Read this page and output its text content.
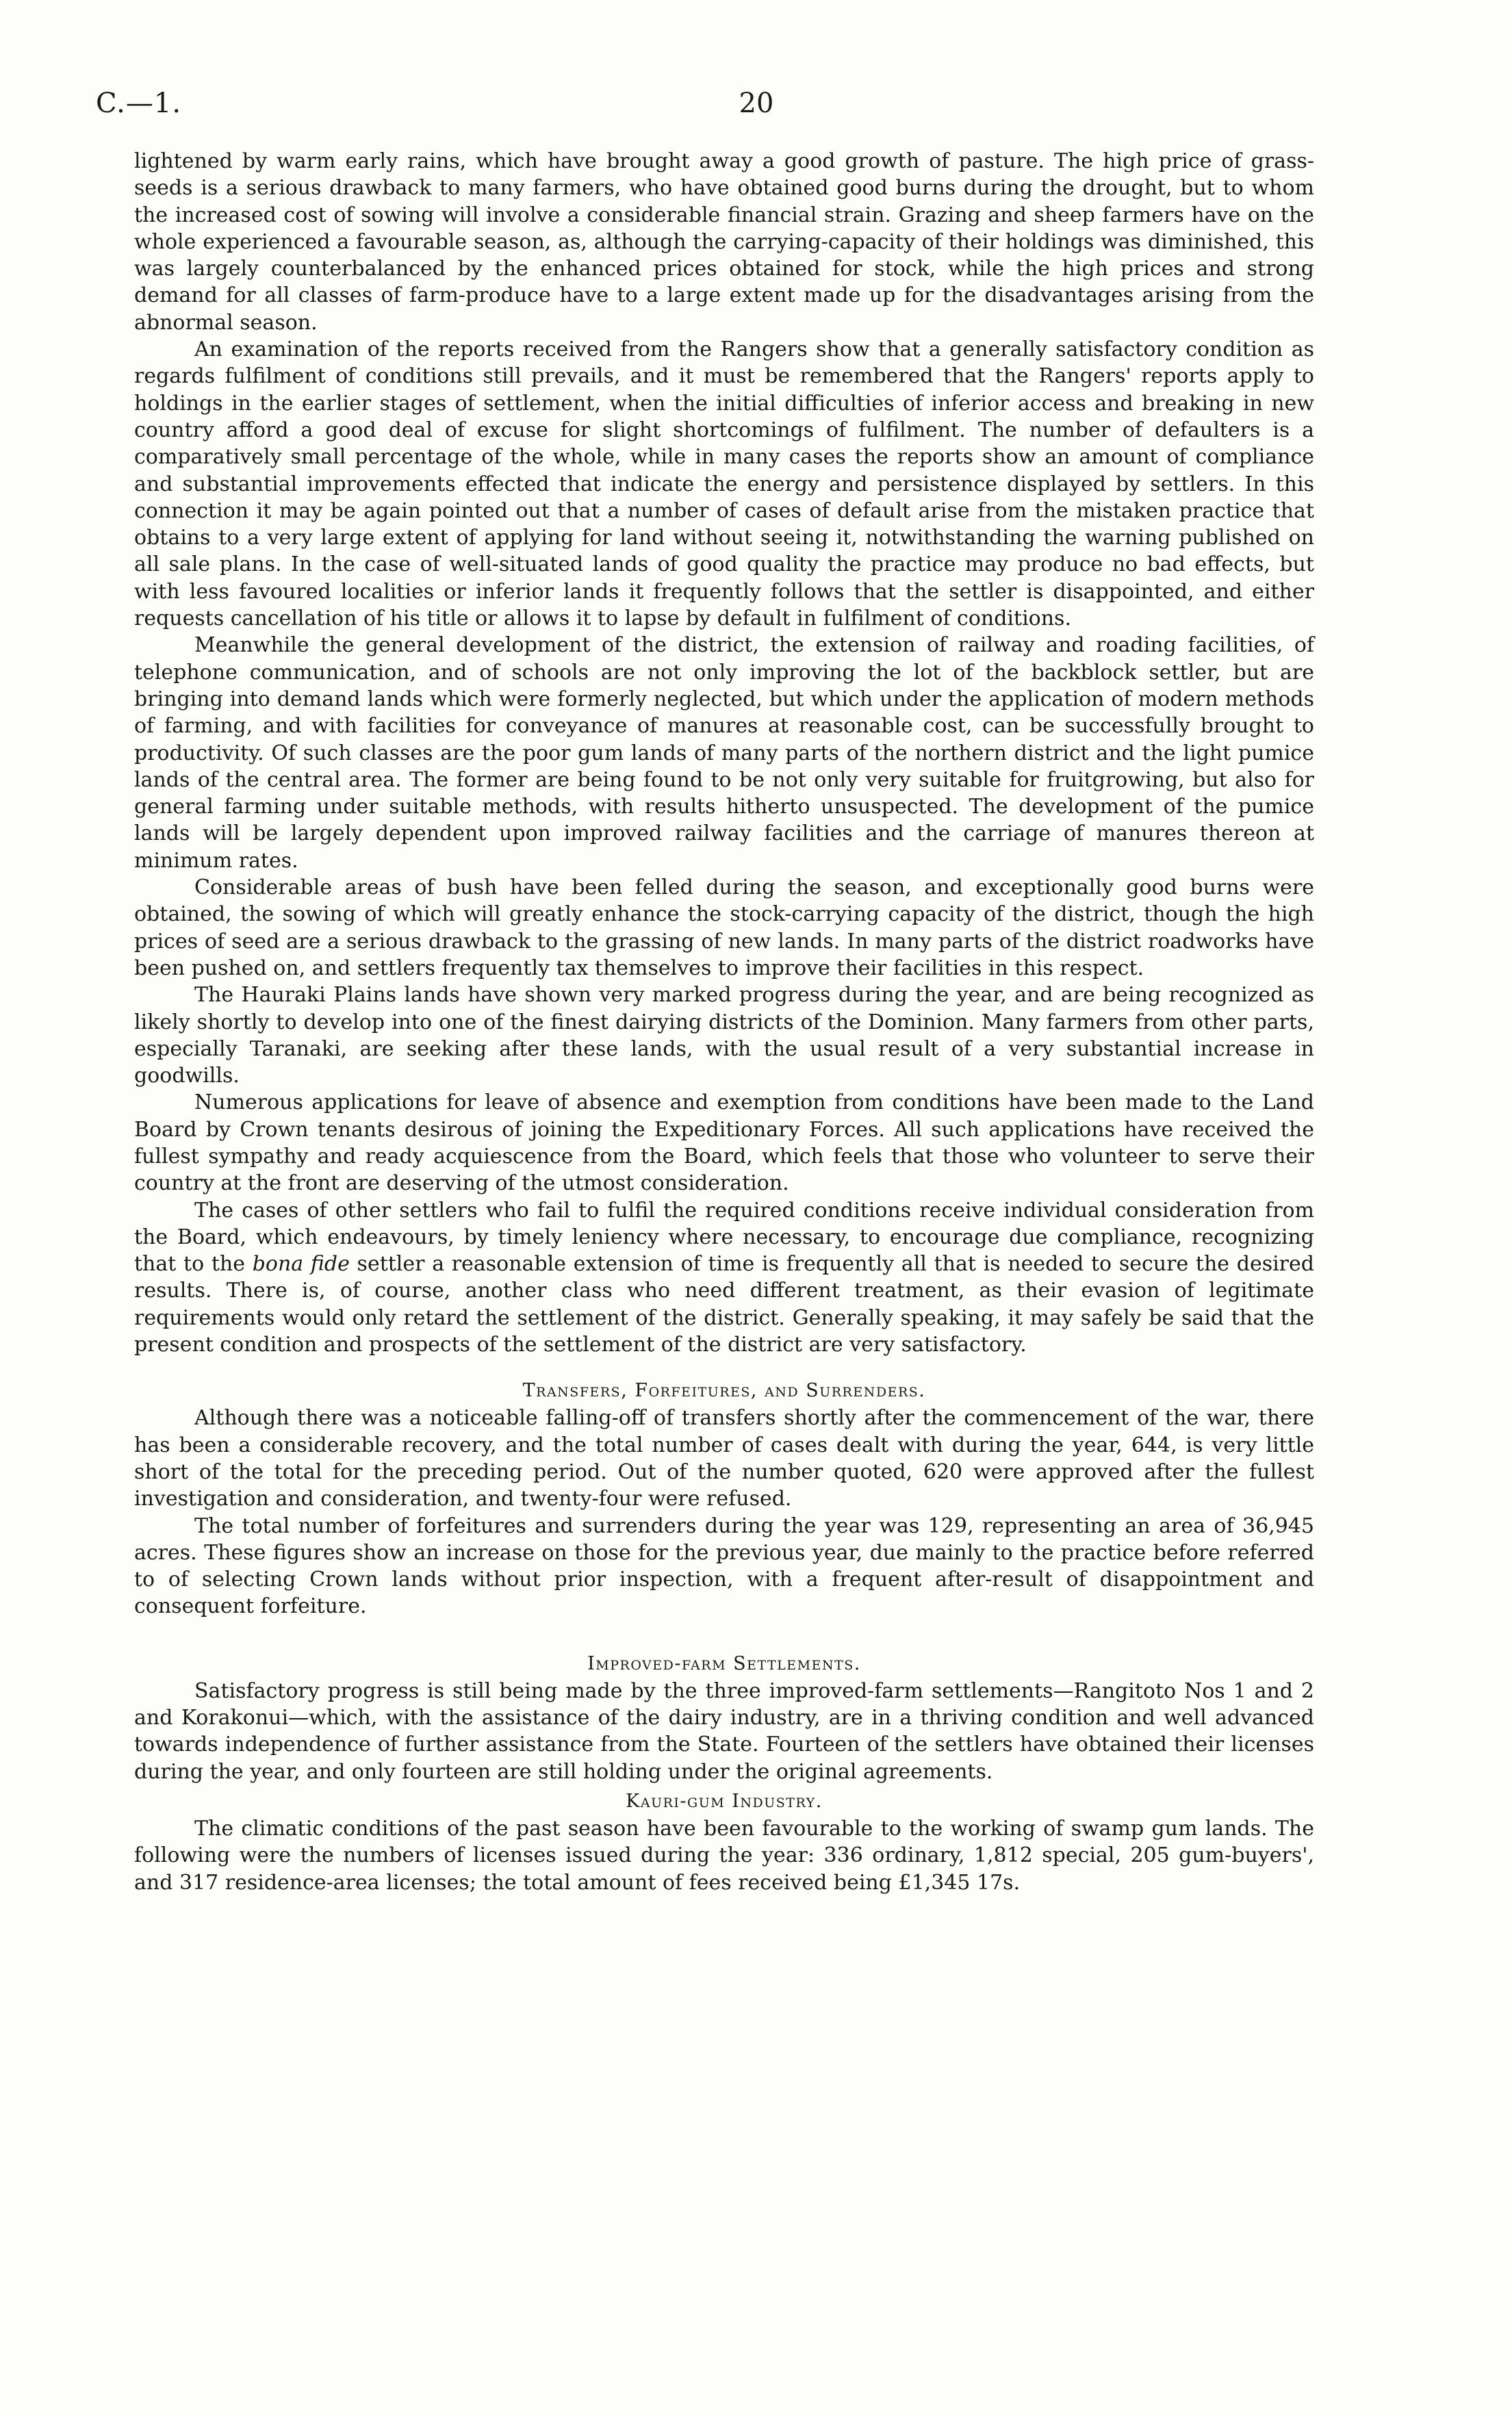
C.—1.	20

lightened by warm early rains, which have brought away a good growth of pasture. The high price of grass-seeds is a serious drawback to many farmers, who have obtained good burns during the drought, but to whom the increased cost of sowing will involve a considerable financial strain. Grazing and sheep farmers have on the whole experienced a favourable season, as, although the carrying-capacity of their holdings was diminished, this was largely counterbalanced by the enhanced prices obtained for stock, while the high prices and strong demand for all classes of farm-produce have to a large extent made up for the disadvantages arising from the abnormal season.

An examination of the reports received from the Rangers show that a generally satisfactory condition as regards fulfilment of conditions still prevails, and it must be remembered that the Rangers' reports apply to holdings in the earlier stages of settlement, when the initial difficulties of inferior access and breaking in new country afford a good deal of excuse for slight shortcomings of fulfilment. The number of defaulters is a comparatively small percentage of the whole, while in many cases the reports show an amount of compliance and substantial improvements effected that indicate the energy and persistence displayed by settlers. In this connection it may be again pointed out that a number of cases of default arise from the mistaken practice that obtains to a very large extent of applying for land without seeing it, notwithstanding the warning published on all sale plans. In the case of well-situated lands of good quality the practice may produce no bad effects, but with less favoured localities or inferior lands it frequently follows that the settler is disappointed, and either requests cancellation of his title or allows it to lapse by default in fulfilment of conditions.

Meanwhile the general development of the district, the extension of railway and roading facilities, of telephone communication, and of schools are not only improving the lot of the backblock settler, but are bringing into demand lands which were formerly neglected, but which under the application of modern methods of farming, and with facilities for conveyance of manures at reasonable cost, can be successfully brought to productivity. Of such classes are the poor gum lands of many parts of the northern district and the light pumice lands of the central area. The former are being found to be not only very suitable for fruitgrowing, but also for general farming under suitable methods, with results hitherto unsuspected. The development of the pumice lands will be largely dependent upon improved railway facilities and the carriage of manures thereon at minimum rates.

Considerable areas of bush have been felled during the season, and exceptionally good burns were obtained, the sowing of which will greatly enhance the stock-carrying capacity of the district, though the high prices of seed are a serious drawback to the grassing of new lands. In many parts of the district roadworks have been pushed on, and settlers frequently tax themselves to improve their facilities in this respect.

The Hauraki Plains lands have shown very marked progress during the year, and are being recognized as likely shortly to develop into one of the finest dairying districts of the Dominion. Many farmers from other parts, especially Taranaki, are seeking after these lands, with the usual result of a very substantial increase in goodwills.

Numerous applications for leave of absence and exemption from conditions have been made to the Land Board by Crown tenants desirous of joining the Expeditionary Forces. All such applications have received the fullest sympathy and ready acquiescence from the Board, which feels that those who volunteer to serve their country at the front are deserving of the utmost consideration.

The cases of other settlers who fail to fulfil the required conditions receive individual consideration from the Board, which endeavours, by timely leniency where necessary, to encourage due compliance, recognizing that to the bona fide settler a reasonable extension of time is frequently all that is needed to secure the desired results. There is, of course, another class who need different treatment, as their evasion of legitimate requirements would only retard the settlement of the district. Generally speaking, it may safely be said that the present condition and prospects of the settlement of the district are very satisfactory.

Transfers, Forfeitures, and Surrenders.

Although there was a noticeable falling-off of transfers shortly after the commencement of the war, there has been a considerable recovery, and the total number of cases dealt with during the year, 644, is very little short of the total for the preceding period. Out of the number quoted, 620 were approved after the fullest investigation and consideration, and twenty-four were refused.

The total number of forfeitures and surrenders during the year was 129, representing an area of 36,945 acres. These figures show an increase on those for the previous year, due mainly to the practice before referred to of selecting Crown lands without prior inspection, with a frequent after-result of disappointment and consequent forfeiture.

Improved-farm Settlements.

Satisfactory progress is still being made by the three improved-farm settlements—Rangitoto Nos 1 and 2 and Korakonui—which, with the assistance of the dairy industry, are in a thriving condition and well advanced towards independence of further assistance from the State. Fourteen of the settlers have obtained their licenses during the year, and only fourteen are still holding under the original agreements.

Kauri-gum Industry.

The climatic conditions of the past season have been favourable to the working of swamp gum lands. The following were the numbers of licenses issued during the year: 336 ordinary, 1,812 special, 205 gum-buyers', and 317 residence-area licenses; the total amount of fees received being £1,345 17s.
